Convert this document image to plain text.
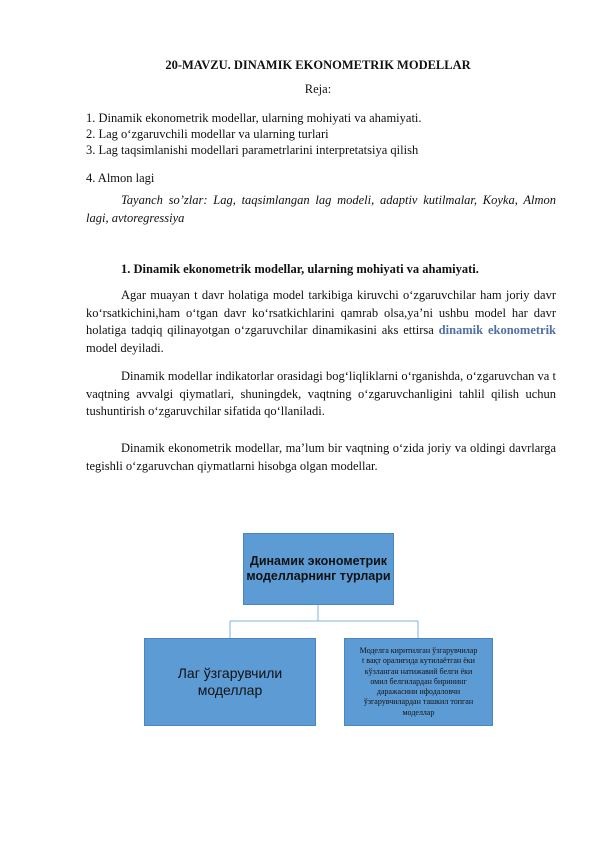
20-MAVZU. DINAMIK EKONOMETRIK MODELLAR
Reja:
1. Dinamik ekonometrik modellar, ularning mohiyati va ahamiyati.
2. Lag o‘zgaruvchili modellar va ularning turlari
3. Lag taqsimlanishi modellari parametrlarini interpretatsiya qilish
4. Almon lagi
Tayanch so’zlar: Lag, taqsimlangan lag modeli, adaptiv kutilmalar, Koyka, Almon lagi, avtoregressiya
1. Dinamik ekonometrik modellar, ularning mohiyati va ahamiyati.
Agar muayan t davr holatiga model tarkibiga kiruvchi o‘zgaruvchilar ham joriy davr ko‘rsatkichini,ham o‘tgan davr ko‘rsatkichlarini qamrab olsa,ya’ni ushbu model har davr holatiga tadqiq qilinayotgan o‘zgaruvchilar dinamikasini aks ettirsa dinamik ekonometrik model deyiladi.
Dinamik modellar indikatorlar orasidagi bog‘liqliklarni o‘rganishda, o‘zgaruvchan va t vaqtning avvalgi qiymatlari, shuningdek, vaqtning o‘zgaruvchanligini tahlil qilish uchun tushuntirish o‘zgaruvchilar sifatida qo‘llaniladi.
Dinamik ekonometrik modellar, ma’lum bir vaqtning o‘zida joriy va oldingi davrlarga tegishli o‘zgaruvchan qiymatlarni hisobga olgan modellar.
Динамик эконометрик
моделларнинг турлари
Лаг ўзгарувчили
моделлар
Моделга киритилган ўзгарувчилар
t вақт оралиғида кутилаётган ёки
кўзланган натижавий белги ёки
омил белгилардан бирининг
даражасини ифодаловчи
ўзгарувчилардан ташкил топган
моделлар
